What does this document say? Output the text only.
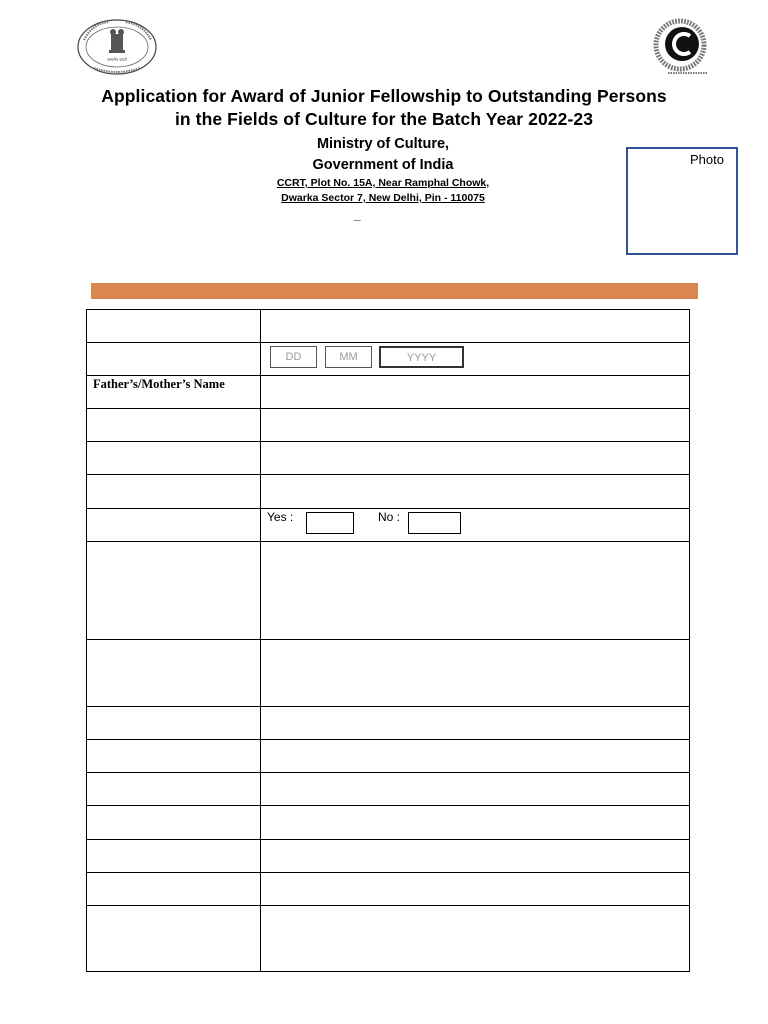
सत्यमेव जयते
Application for Award of Junior Fellowship to Outstanding Persons
in the Fields of Culture for the Batch Year 2022-23
Ministry of Culture,
Government of India
CCRT, Plot No. 15A, Near Ramphal Chowk,
Dwarka Sector 7, New Delhi, Pin - 110075
_
Photo

	DD MM YYYY

Father’s/Mother’s Name	

	Yes : No :
